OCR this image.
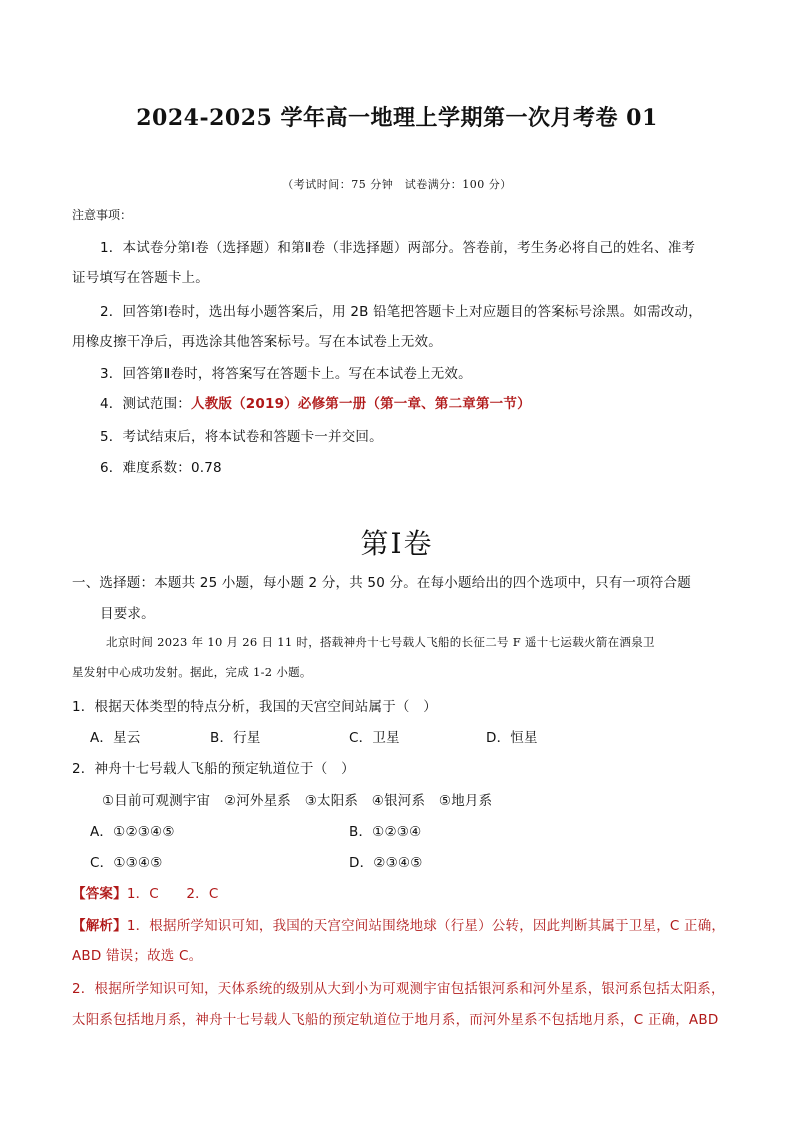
2024-2025 学年高一地理上学期第一次月考卷 01
（考试时间：75 分钟　试卷满分：100 分）
注意事项：
1．本试卷分第Ⅰ卷（选择题）和第Ⅱ卷（非选择题）两部分。答卷前，考生务必将自己的姓名、准考
证号填写在答题卡上。
2．回答第Ⅰ卷时，选出每小题答案后，用 2B 铅笔把答题卡上对应题目的答案标号涂黑。如需改动，
用橡皮擦干净后，再选涂其他答案标号。写在本试卷上无效。
3．回答第Ⅱ卷时，将答案写在答题卡上。写在本试卷上无效。
4．测试范围：人教版（2019）必修第一册（第一章、第二章第一节）
5．考试结束后，将本试卷和答题卡一并交回。
6．难度系数：0.78
第Ⅰ卷
一、选择题：本题共 25 小题，每小题 2 分，共 50 分。在每小题给出的四个选项中，只有一项符合题
目要求。
北京时间 2023 年 10 月 26 日 11 时，搭载神舟十七号载人飞船的长征二号 F 遥十七运载火箭在酒泉卫
星发射中心成功发射。据此，完成 1-2 小题。
1．根据天体类型的特点分析，我国的天宫空间站属于（　）
A．星云	B．行星	C．卫星	D．恒星
2．神舟十七号载人飞船的预定轨道位于（　）
①目前可观测宇宙　②河外星系　③太阳系　④银河系　⑤地月系
A．①②③④⑤	B．①②③④
C．①③④⑤	D．②③④⑤
【答案】1．C　　2．C
【解析】1．根据所学知识可知，我国的天宫空间站围绕地球（行星）公转，因此判断其属于卫星，C 正确，
ABD 错误；故选 C。
2．根据所学知识可知，天体系统的级别从大到小为可观测宇宙包括银河系和河外星系，银河系包括太阳系，
太阳系包括地月系，神舟十七号载人飞船的预定轨道位于地月系，而河外星系不包括地月系，C 正确，ABD
